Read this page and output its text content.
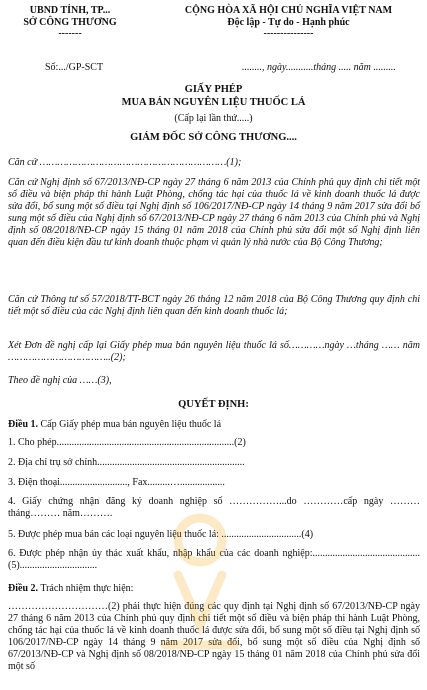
UBND TỈNH, TP...
SỞ CÔNG THƯƠNG
-------
CỘNG HÒA XÃ HỘI CHỦ NGHĨA VIỆT NAM
Độc lập - Tự do - Hạnh phúc
---------------
Số:.../GP-SCT	........, ngày...........tháng ..... năm .........
GIẤY PHÉP
MUA BÁN NGUYÊN LIỆU THUỐC LÁ
(Cấp lại lần thứ.....)
GIÁM ĐỐC SỞ CÔNG THƯƠNG....
Căn cứ ………………………………………………………(1);
Căn cứ Nghị định số 67/2013/NĐ-CP ngày 27 tháng 6 năm 2013 của Chính phủ quy định chi tiết một số điều và biện pháp thi hành Luật Phòng, chống tác hại của thuốc lá về kinh doanh thuốc lá được sửa đổi, bổ sung một số điều tại Nghị định số 106/2017/NĐ-CP ngày 14 tháng 9 năm 2017 sửa đổi bổ sung một số điều của Nghị định số 67/2013/NĐ-CP ngày 27 tháng 6 năm 2013 của Chính phủ và Nghị định số 08/2018/NĐ-CP ngày 15 tháng 01 năm 2018 của Chính phủ sửa đổi một số Nghị định liên quan đến điều kiện đầu tư kinh doanh thuộc phạm vi quản lý nhà nước của Bộ Công Thương;
Căn cứ Thông tư số 57/2018/TT-BCT ngày 26 tháng 12 năm 2018 của Bộ Công Thương quy định chi tiết một số điều của các Nghị định liên quan đến kinh doanh thuốc lá;
Xét Đơn đề nghị cấp lại Giấy phép mua bán nguyên liệu thuốc lá số…………ngày …tháng …… năm ……………………………..(2);
Theo đề nghị của ……(3),
QUYẾT ĐỊNH:
Điều 1. Cấp Giấy phép mua bán nguyên liệu thuốc lá
1. Cho phép.......................................................................(2)
2. Địa chỉ trụ sở chính...........................................................
3. Điện thoại..........................., Fax.........…..................
4. Giấy chứng nhận đăng ký doanh nghiệp số ……………...do …………cấp ngày ………tháng……… năm……….
5. Được phép mua bán các loại nguyên liệu thuốc lá: ................................(4)
6. Được phép nhận ủy thác xuất khẩu, nhập khẩu của các doanh nghiệp:...........................................(5)...............................
Điều 2. Trách nhiệm thực hiện:
…………………………(2) phải thực hiện đúng các quy định tại Nghị định số 67/2013/NĐ-CP ngày 27 tháng 6 năm 2013 của Chính phủ quy định chi tiết một số điều và biện pháp thi hành Luật Phòng, chống tác hại của thuốc lá về kinh doanh thuốc lá được sửa đổi, bổ sung một số điều tại Nghị định số 106/2017/NĐ-CP ngày 14 tháng 9 năm 2017 sửa đổi, bổ sung một số điều của Nghị định số 67/2013/NĐ-CP và Nghị định số 08/2018/NĐ-CP ngày 15 tháng 01 năm 2018 của Chính phủ sửa đổi một số
